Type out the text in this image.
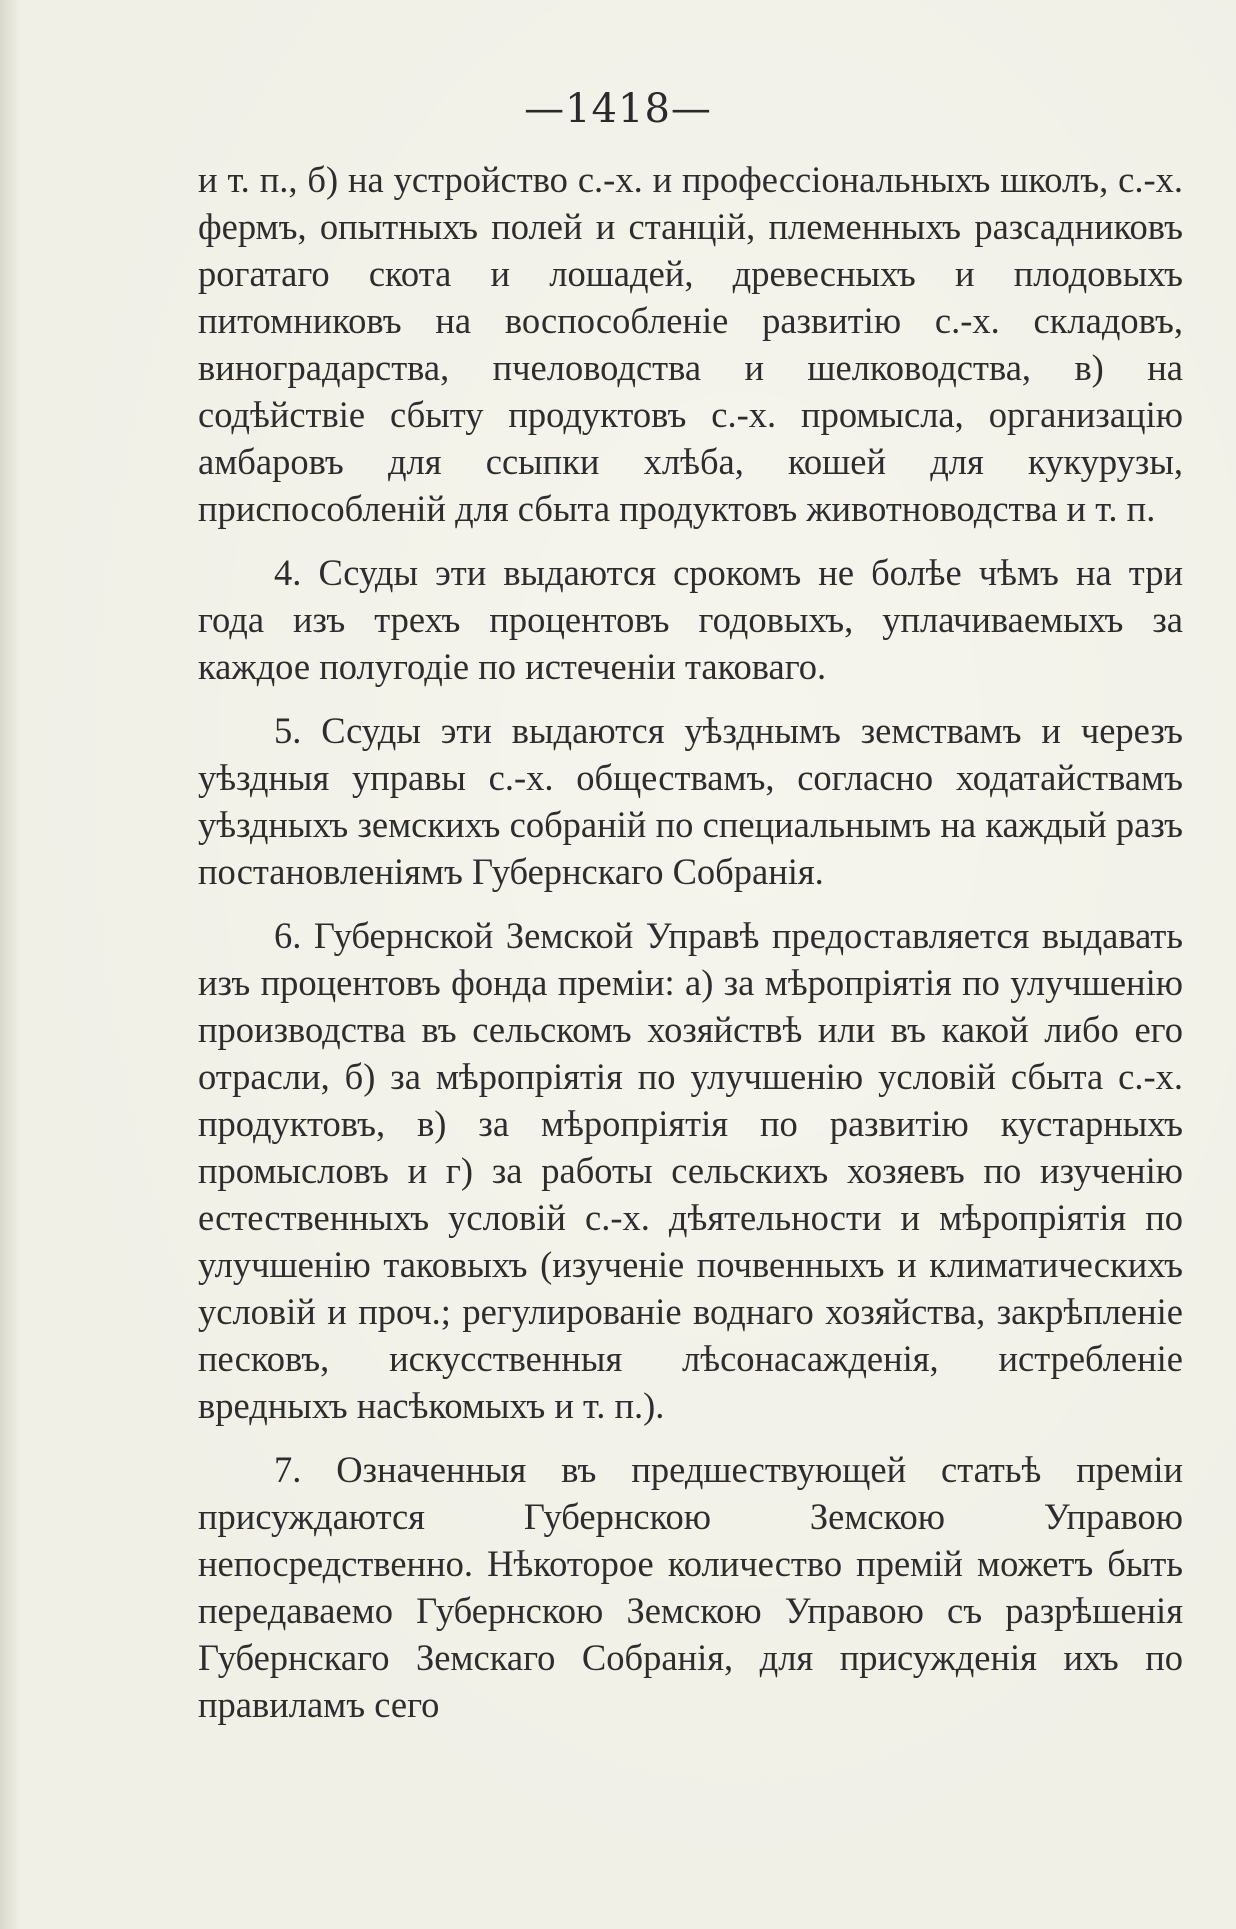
—1418—

и т. п., б) на устройство с.-х. и профессіональныхъ школъ, с.-х. фермъ, опытныхъ полей и станцій, племенныхъ разсадниковъ рогатаго скота и лошадей, древесныхъ и плодовыхъ питомниковъ на воспособленіе развитію с.-х. складовъ, виноградарства, пчеловодства и шелководства, в) на содѣйствіе сбыту продуктовъ с.-х. промысла, организацію амбаровъ для ссыпки хлѣба, кошей для кукурузы, приспособленій для сбыта продуктовъ животноводства и т. п.

4. Ссуды эти выдаются срокомъ не болѣе чѣмъ на три года изъ трехъ процентовъ годовыхъ, уплачиваемыхъ за каждое полугодіе по истеченіи таковаго.

5. Ссуды эти выдаются уѣзднымъ земствамъ и черезъ уѣздныя управы с.-х. обществамъ, согласно ходатайствамъ уѣздныхъ земскихъ собраній по специальнымъ на каждый разъ постановленіямъ Губернскаго Собранія.

6. Губернской Земской Управѣ предоставляется выдавать изъ процентовъ фонда преміи: а) за мѣропріятія по улучшенію производства въ сельскомъ хозяйствѣ или въ какой либо его отрасли, б) за мѣропріятія по улучшенію условій сбыта с.-х. продуктовъ, в) за мѣропріятія по развитію кустарныхъ промысловъ и г) за работы сельскихъ хозяевъ по изученію естественныхъ условій с.-х. дѣятельности и мѣропріятія по улучшенію таковыхъ (изученіе почвенныхъ и климатическихъ условій и проч.; регулированіе воднаго хозяйства, закрѣпленіе песковъ, искусственныя лѣсонасажденія, истребленіе вредныхъ насѣкомыхъ и т. п.).

7. Означенныя въ предшествующей статьѣ преміи присуждаются Губернскою Земскою Управою непосредственно. Нѣкоторое количество премій можетъ быть передаваемо Губернскою Земскою Управою съ разрѣшенія Губернскаго Земскаго Собранія, для присужденія ихъ по правиламъ сего
